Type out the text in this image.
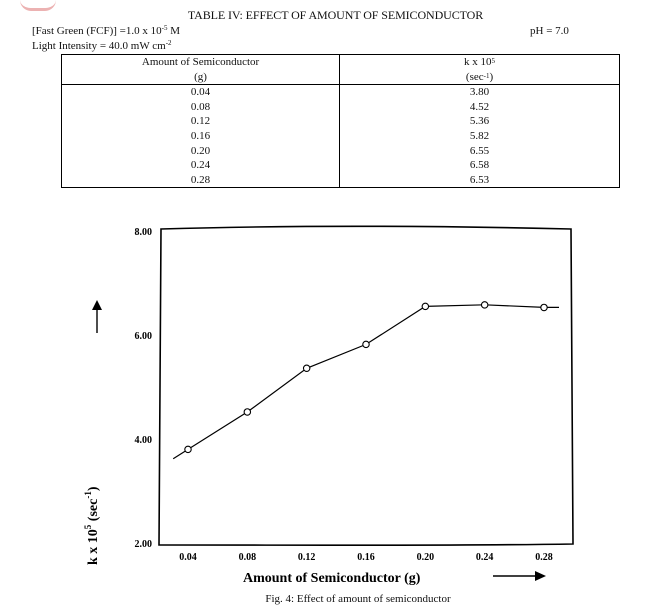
TABLE IV: EFFECT OF AMOUNT OF SEMICONDUCTOR
[Fast Green (FCF)] =1.0 x $10^{-5}$ M
Light Intensity = 40.0 mW $cm^{-2}$
pH = 7.0
Amount of Semiconductor	k x $10^5$
(g)	$(\sec^{-1})$
0.04	3.80
0.08	4.52
0.12	5.36
0.16	5.82
0.20	6.55
0.24	6.58
0.28	6.53
8.00
6.00
4.00
2.00
0.04	0.08	0.12	0.16	0.20	0.24	0.28
k x $10^5$ $(\sec^{-1})$
Amount of Semiconductor (g)
Fig. 4: Effect of amount of semiconductor
